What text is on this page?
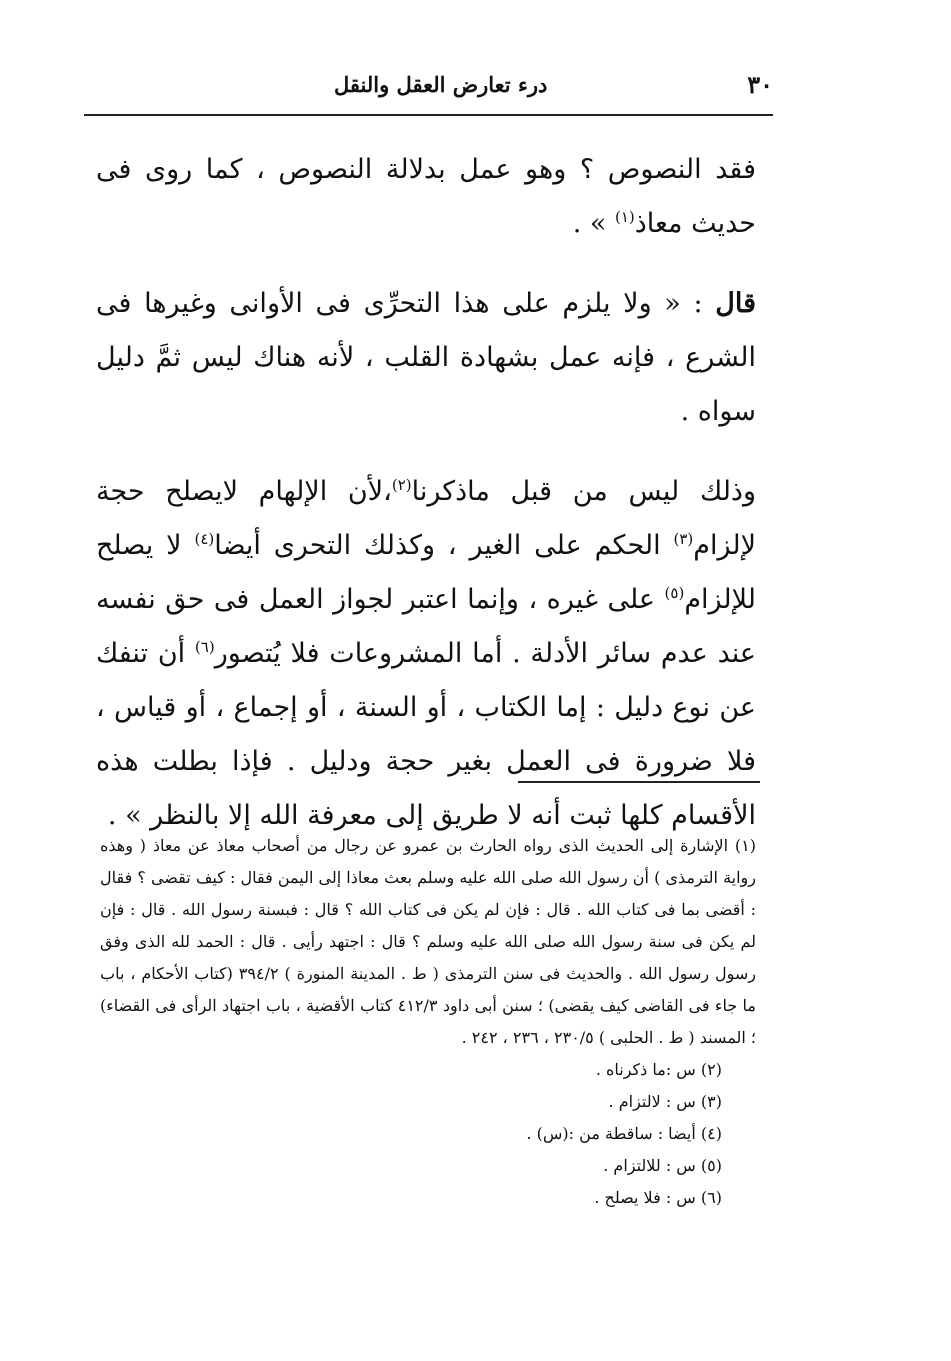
٣٠
درء تعارض العقل والنقل

فقد النصوص ؟ وهو عمل بدلالة النصوص ، كما روى فى حديث معاذ$^{(١)}$ » .

قال : « ولا يلزم على هذا التحرِّى فى الأوانى وغيرها فى الشرع ، فإنه عمل بشهادة القلب ، لأنه هناك ليس ثمَّ دليل سواه .

وذلك ليس من قبل ماذكرنا$^{(٢)}$،لأن الإلهام لايصلح حجة لإلزام$^{(٣)}$ الحكم على الغير ، وكذلك التحرى أيضا$^{(٤)}$ لا يصلح للإلزام$^{(٥)}$ على غيره ، وإنما اعتبر لجواز العمل فى حق نفسه عند عدم سائر الأدلة . أما المشروعات فلا يُتصور$^{(٦)}$ أن تنفك عن نوع دليل : إما الكتاب ، أو السنة ، أو إجماع ، أو قياس ، فلا ضرورة فى العمل بغير حجة ودليل . فإذا بطلت هذه الأقسام كلها ثبت أنه لا طريق إلى معرفة الله إلا بالنظر » .

(١) الإشارة إلى الحديث الذى رواه الحارث بن عمرو عن رجال من أصحاب معاذ عن معاذ ( وهذه رواية الترمذى ) أن رسول الله صلى الله عليه وسلم بعث معاذا إلى اليمن فقال : كيف تقضى ؟ فقال : أقضى بما فى كتاب الله . قال : فإن لم يكن فى كتاب الله ؟ قال : فبسنة رسول الله . قال : فإن لم يكن فى سنة رسول الله صلى الله عليه وسلم ؟ قال : اجتهد رأيى . قال : الحمد لله الذى وفق رسول رسول الله . والحديث فى سنن الترمذى ( ط . المدينة المنورة ) ٣٩٤/٢ (كتاب الأحكام ، باب ما جاء فى القاضى كيف يقضى) ؛ سنن أبى داود ٤١٢/٣ كتاب الأقضية ، باب اجتهاد الرأى فى القضاء) ؛ المسند ( ط . الحلبى ) ٢٣٠/٥ ، ٢٣٦ ، ٢٤٢ .

(٢) س :ما ذكرناه .

(٣) س : لالتزام .

(٤) أيضا : ساقطة من :(س) .

(٥) س : للالتزام .

(٦) س : فلا يصلح .
